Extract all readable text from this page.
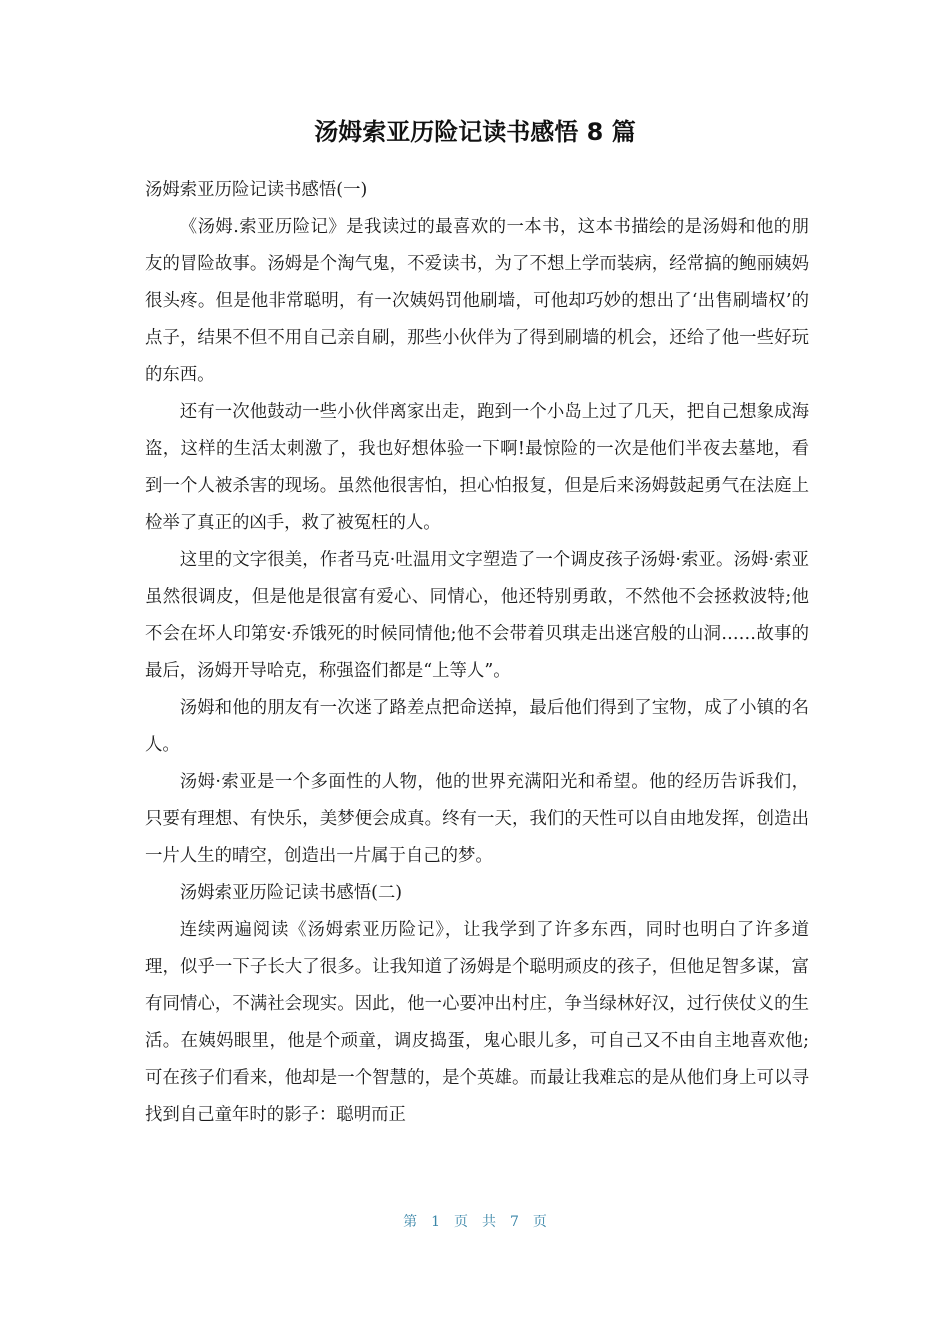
汤姆索亚历险记读书感悟 8 篇

汤姆索亚历险记读书感悟(一)

《汤姆.索亚历险记》是我读过的最喜欢的一本书，这本书描绘的是汤姆和他的朋友的冒险故事。汤姆是个淘气鬼，不爱读书，为了不想上学而装病，经常搞的鲍丽姨妈很头疼。但是他非常聪明，有一次姨妈罚他刷墙，可他却巧妙的想出了‘出售刷墙权’的点子，结果不但不用自己亲自刷，那些小伙伴为了得到刷墙的机会，还给了他一些好玩的东西。

还有一次他鼓动一些小伙伴离家出走，跑到一个小岛上过了几天，把自己想象成海盗，这样的生活太刺激了，我也好想体验一下啊!最惊险的一次是他们半夜去墓地，看到一个人被杀害的现场。虽然他很害怕，担心怕报复，但是后来汤姆鼓起勇气在法庭上检举了真正的凶手，救了被冤枉的人。

这里的文字很美，作者马克·吐温用文字塑造了一个调皮孩子汤姆·索亚。汤姆·索亚虽然很调皮，但是他是很富有爱心、同情心，他还特别勇敢，不然他不会拯救波特;他不会在坏人印第安·乔饿死的时候同情他;他不会带着贝琪走出迷宫般的山洞……故事的最后，汤姆开导哈克，称强盗们都是“上等人”。

汤姆和他的朋友有一次迷了路差点把命送掉，最后他们得到了宝物，成了小镇的名人。

汤姆·索亚是一个多面性的人物，他的世界充满阳光和希望。他的经历告诉我们，只要有理想、有快乐，美梦便会成真。终有一天，我们的天性可以自由地发挥，创造出一片人生的晴空，创造出一片属于自己的梦。

汤姆索亚历险记读书感悟(二)

连续两遍阅读《汤姆索亚历险记》，让我学到了许多东西，同时也明白了许多道理，似乎一下子长大了很多。让我知道了汤姆是个聪明顽皮的孩子，但他足智多谋，富有同情心，不满社会现实。因此，他一心要冲出村庄，争当绿林好汉，过行侠仗义的生活。在姨妈眼里，他是个顽童，调皮捣蛋，鬼心眼儿多，可自己又不由自主地喜欢他;可在孩子们看来，他却是一个智慧的，是个英雄。而最让我难忘的是从他们身上可以寻找到自己童年时的影子：聪明而正

第 1 页 共 7 页
